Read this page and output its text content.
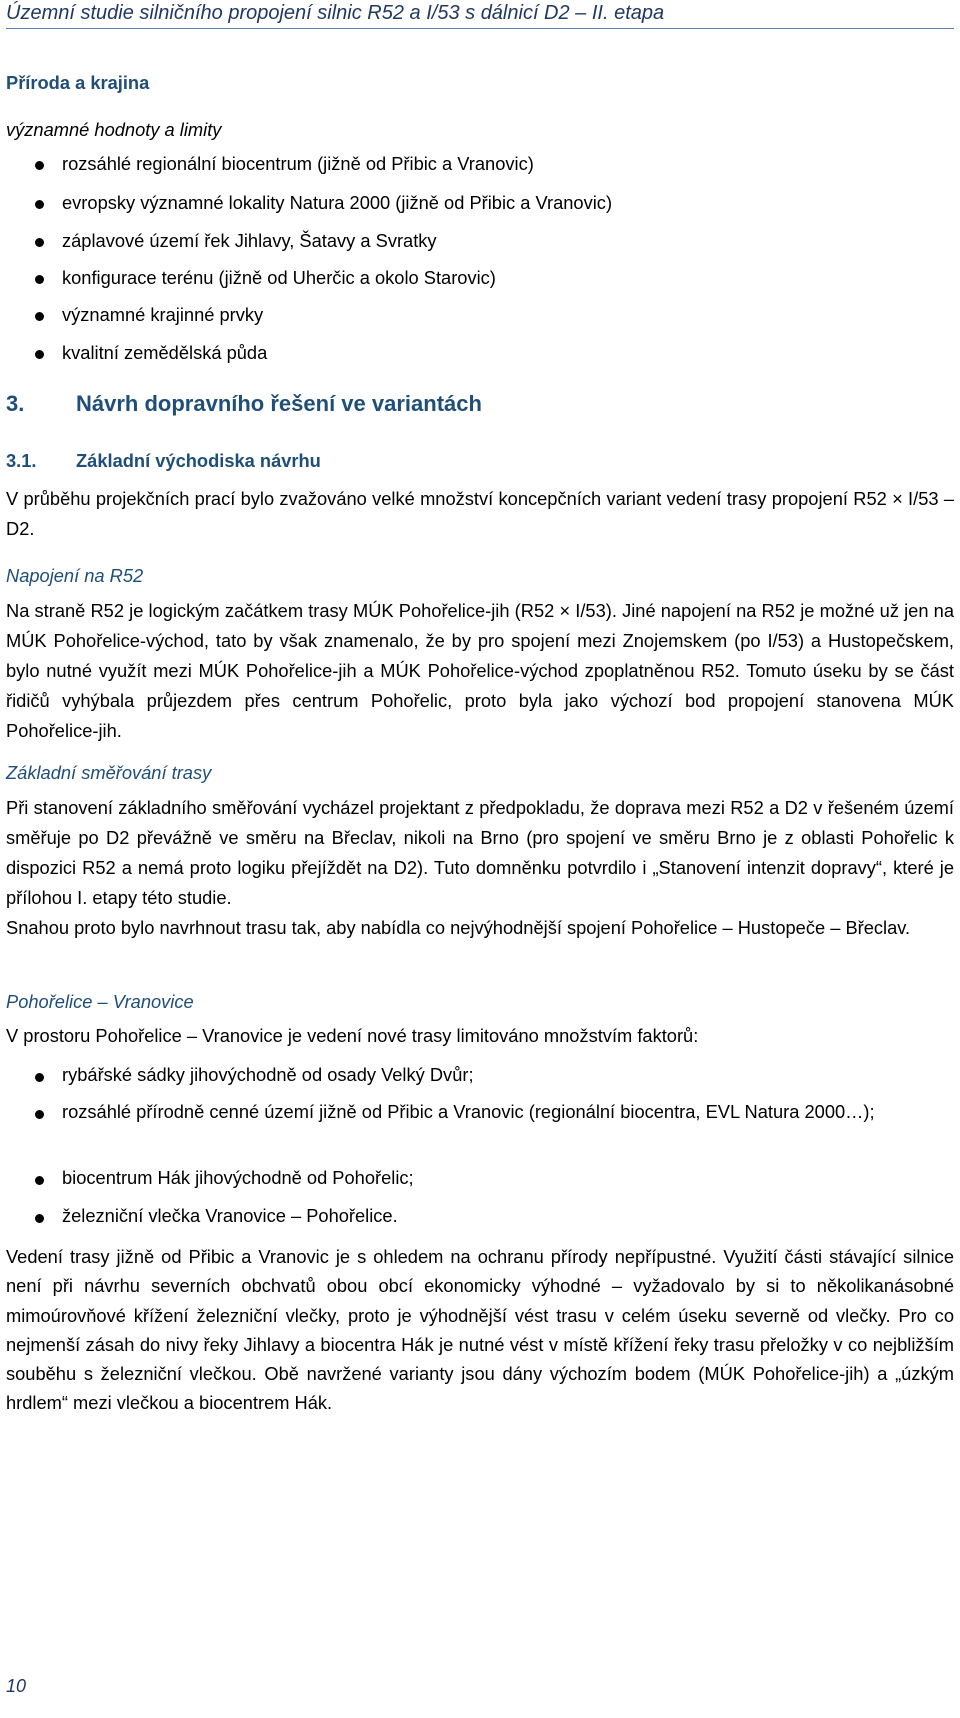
Územní studie silničního propojení silnic R52 a I/53 s dálnicí D2 – II. etapa
Příroda a krajina
významné hodnoty a limity
rozsáhlé regionální biocentrum (jižně od Přibic a Vranovic)
evropsky významné lokality Natura 2000 (jižně od Přibic a Vranovic)
záplavové území řek Jihlavy, Šatavy a Svratky
konfigurace terénu (jižně od Uherčic a okolo Starovic)
významné krajinné prvky
kvalitní zemědělská půda
3. Návrh dopravního řešení ve variantách
3.1. Základní východiska návrhu
V průběhu projekčních prací bylo zvažováno velké množství koncepčních variant vedení trasy propojení R52 × I/53 – D2.
Napojení na R52
Na straně R52 je logickým začátkem trasy MÚK Pohořelice-jih (R52 × I/53). Jiné napojení na R52 je možné už jen na MÚK Pohořelice-východ, tato by však znamenalo, že by pro spojení mezi Znojemskem (po I/53) a Hustopečskem, bylo nutné využít mezi MÚK Pohořelice-jih a MÚK Pohořelice-východ zpoplatněnou R52. Tomuto úseku by se část řidičů vyhýbala průjezdem přes centrum Pohořelic, proto byla jako výchozí bod propojení stanovena MÚK Pohořelice-jih.
Základní směřování trasy
Při stanovení základního směřování vycházel projektant z předpokladu, že doprava mezi R52 a D2 v řešeném území směřuje po D2 převážně ve směru na Břeclav, nikoli na Brno (pro spojení ve směru Brno je z oblasti Pohořelic k dispozici R52 a nemá proto logiku přejíždět na D2). Tuto domněnku potvrdilo i „Stanovení intenzit dopravy“, které je přílohou I. etapy této studie.
Snahou proto bylo navrhnout trasu tak, aby nabídla co nejvýhodnější spojení Pohořelice – Hustopeče – Břeclav.
Pohořelice – Vranovice
V prostoru Pohořelice – Vranovice je vedení nové trasy limitováno množstvím faktorů:
rybářské sádky jihovýchodně od osady Velký Dvůr;
rozsáhlé přírodně cenné území jižně od Přibic a Vranovic (regionální biocentra, EVL Natura 2000…);
biocentrum Hák jihovýchodně od Pohořelic;
železniční vlečka Vranovice – Pohořelice.
Vedení trasy jižně od Přibic a Vranovic je s ohledem na ochranu přírody nepřípustné. Využití části stávající silnice není při návrhu severních obchvatů obou obcí ekonomicky výhodné – vyžadovalo by si to několikanásobné mimoúrovňové křížení železniční vlečky, proto je výhodnější vést trasu v celém úseku severně od vlečky. Pro co nejmenší zásah do nivy řeky Jihlavy a biocentra Hák je nutné vést v místě křížení řeky trasu přeložky v co nejbližším souběhu s železniční vlečkou. Obě navržené varianty jsou dány výchozím bodem (MÚK Pohořelice-jih) a „úzkým hrdlem“ mezi vlečkou a biocentrem Hák.
10
